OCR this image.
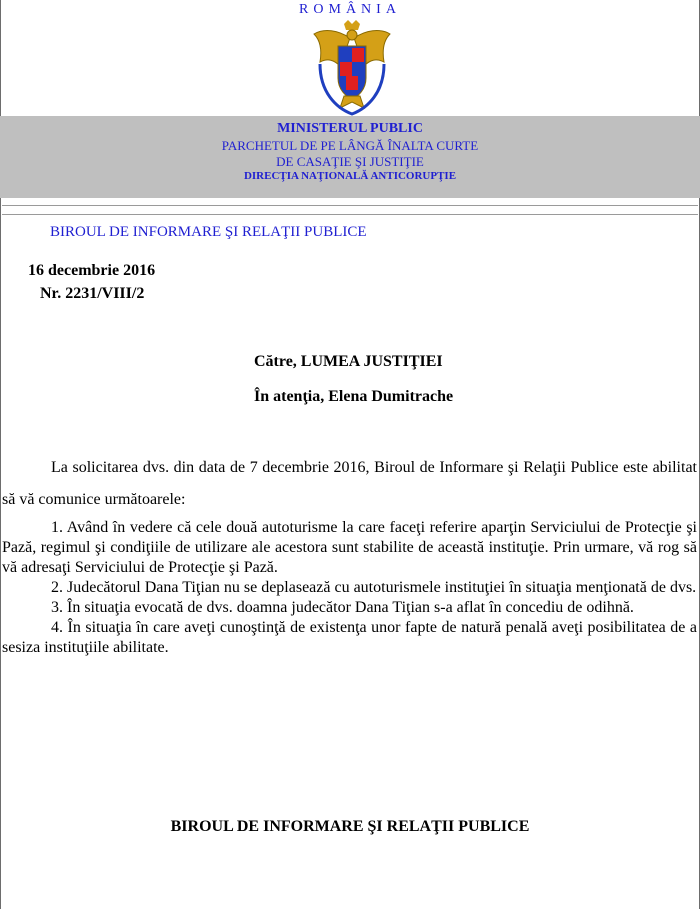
ROMÂNIA
MINISTERUL PUBLIC
PARCHETUL DE PE LÂNGĂ ÎNALTA CURTE
DE CASAŢIE ŞI JUSTIŢIE
DIRECŢIA NAŢIONALĂ ANTICORUPŢIE
BIROUL DE INFORMARE ŞI RELAŢII PUBLICE
16 decembrie 2016
Nr. 2231/VIII/2
Către, LUMEA JUSTIŢIEI
În atenţia, Elena Dumitrache
La solicitarea dvs. din data de 7 decembrie 2016, Biroul de Informare şi Relaţii Publice este abilitat să vă comunice următoarele:

1. Având în vedere că cele două autoturisme la care faceţi referire aparţin Serviciului de Protecţie şi Pază, regimul şi condiţiile de utilizare ale acestora sunt stabilite de această instituţie. Prin urmare, vă rog să vă adresaţi Serviciului de Protecţie şi Pază.

2. Judecătorul Dana Tiţian nu se deplasează cu autoturismele instituţiei în situaţia menţionată de dvs.

3. În situaţia evocată de dvs. doamna judecător Dana Tiţian s-a aflat în concediu de odihnă.

4. În situaţia în care aveţi cunoştinţă de existenţa unor fapte de natură penală aveţi posibilitatea de a sesiza instituţiile abilitate.

BIROUL DE INFORMARE ŞI RELAŢII PUBLICE
